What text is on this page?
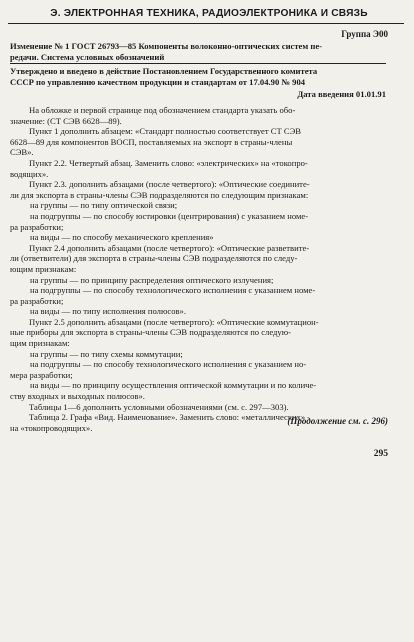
Э. ЭЛЕКТРОННАЯ ТЕХНИКА, РАДИОЭЛЕКТРОНИКА И СВЯЗЬ
Группа Э00
Изменение № 1 ГОСТ 26793—85 Компоненты волоконно-оптических систем пе-
редачи. Система условных обозначений
Утверждено и введено в действие Постановлением Государственного комитета
СССР по управлению качеством продукции и стандартам от 17.04.90 № 904
Дата введения 01.01.91
На обложке и первой странице под обозначением стандарта указать обо-
значение: (СТ СЭВ 6628—89).
Пункт 1 дополнить абзацем: «Стандарт полностью соответствует СТ СЭВ
6628—89 для компонентов ВОСП, поставляемых на экспорт в страны-члены
СЭВ».
Пункт 2.2. Четвертый абзац. Заменить слово: «электрических» на «токопро-
водящих».
Пункт 2.3. дополнить абзацами (после четвертого): «Оптические соедините-
ли для экспорта в страны-члены СЭВ подразделяются по следующим признакам:
на группы — по типу оптической связи;
на подгруппы — по способу юстировки (центрирования) с указанием номе-
ра разработки;
на виды — по способу механического крепления»
Пункт 2.4 дополнить абзацами (после четвертого): «Оптические разветвите-
ли (ответвители) для экспорта в страны-члены СЭВ подразделяются по следу-
ющим признакам:
на группы — по принципу распределения оптического излучения;
на подгруппы — по способу технологического исполнения с указанием номе-
ра разработки;
на виды — по типу исполнения полюсов».
Пункт 2.5 дополнить абзацами (после четвертого): «Оптические коммутацион-
ные приборы для экспорта в страны-члены СЭВ подразделяются по следую-
щим признакам:
на группы — по типу схемы коммутации;
на подгруппы — по способу технологического исполнения с указанием но-
мера разработки;
на виды — по принципу осуществления оптической коммутации и по количе-
ству входных и выходных полюсов».
Таблицы 1—6 дополнить условными обозначениями (см. с. 297—303).
Таблица 2. Графа «Вид. Наименование». Заменить слово: «металлических»
на «токопроводящих».
(Продолжение см. с. 296)
295
